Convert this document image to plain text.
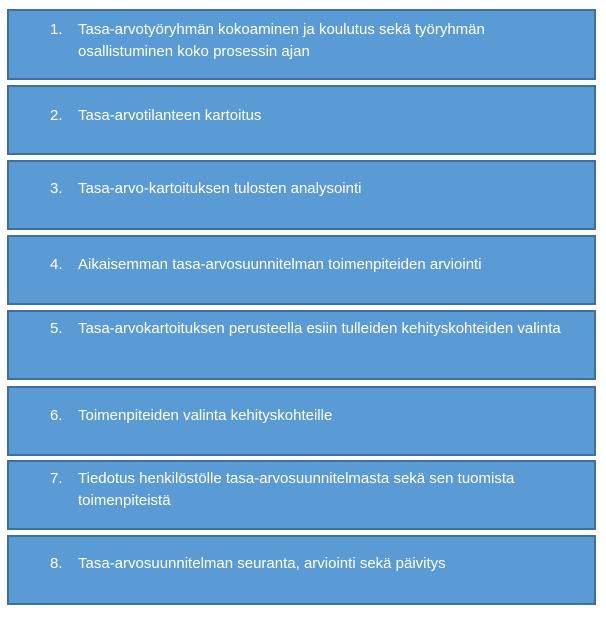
1.	Tasa-arvotyöryhmän kokoaminen ja koulutus sekä työryhmän osallistuminen koko prosessin ajan
2.	Tasa-arvotilanteen kartoitus
3.	Tasa-arvo-kartoituksen tulosten analysointi
4.	Aikaisemman tasa-arvosuunnitelman toimenpiteiden arviointi
5.	Tasa-arvokartoituksen perusteella esiin tulleiden kehityskohteiden valinta
6.	Toimenpiteiden valinta kehityskohteille
7.	Tiedotus henkilöstölle tasa-arvosuunnitelmasta sekä sen tuomista toimenpiteistä
8.	Tasa-arvosuunnitelman seuranta, arviointi sekä päivitys
